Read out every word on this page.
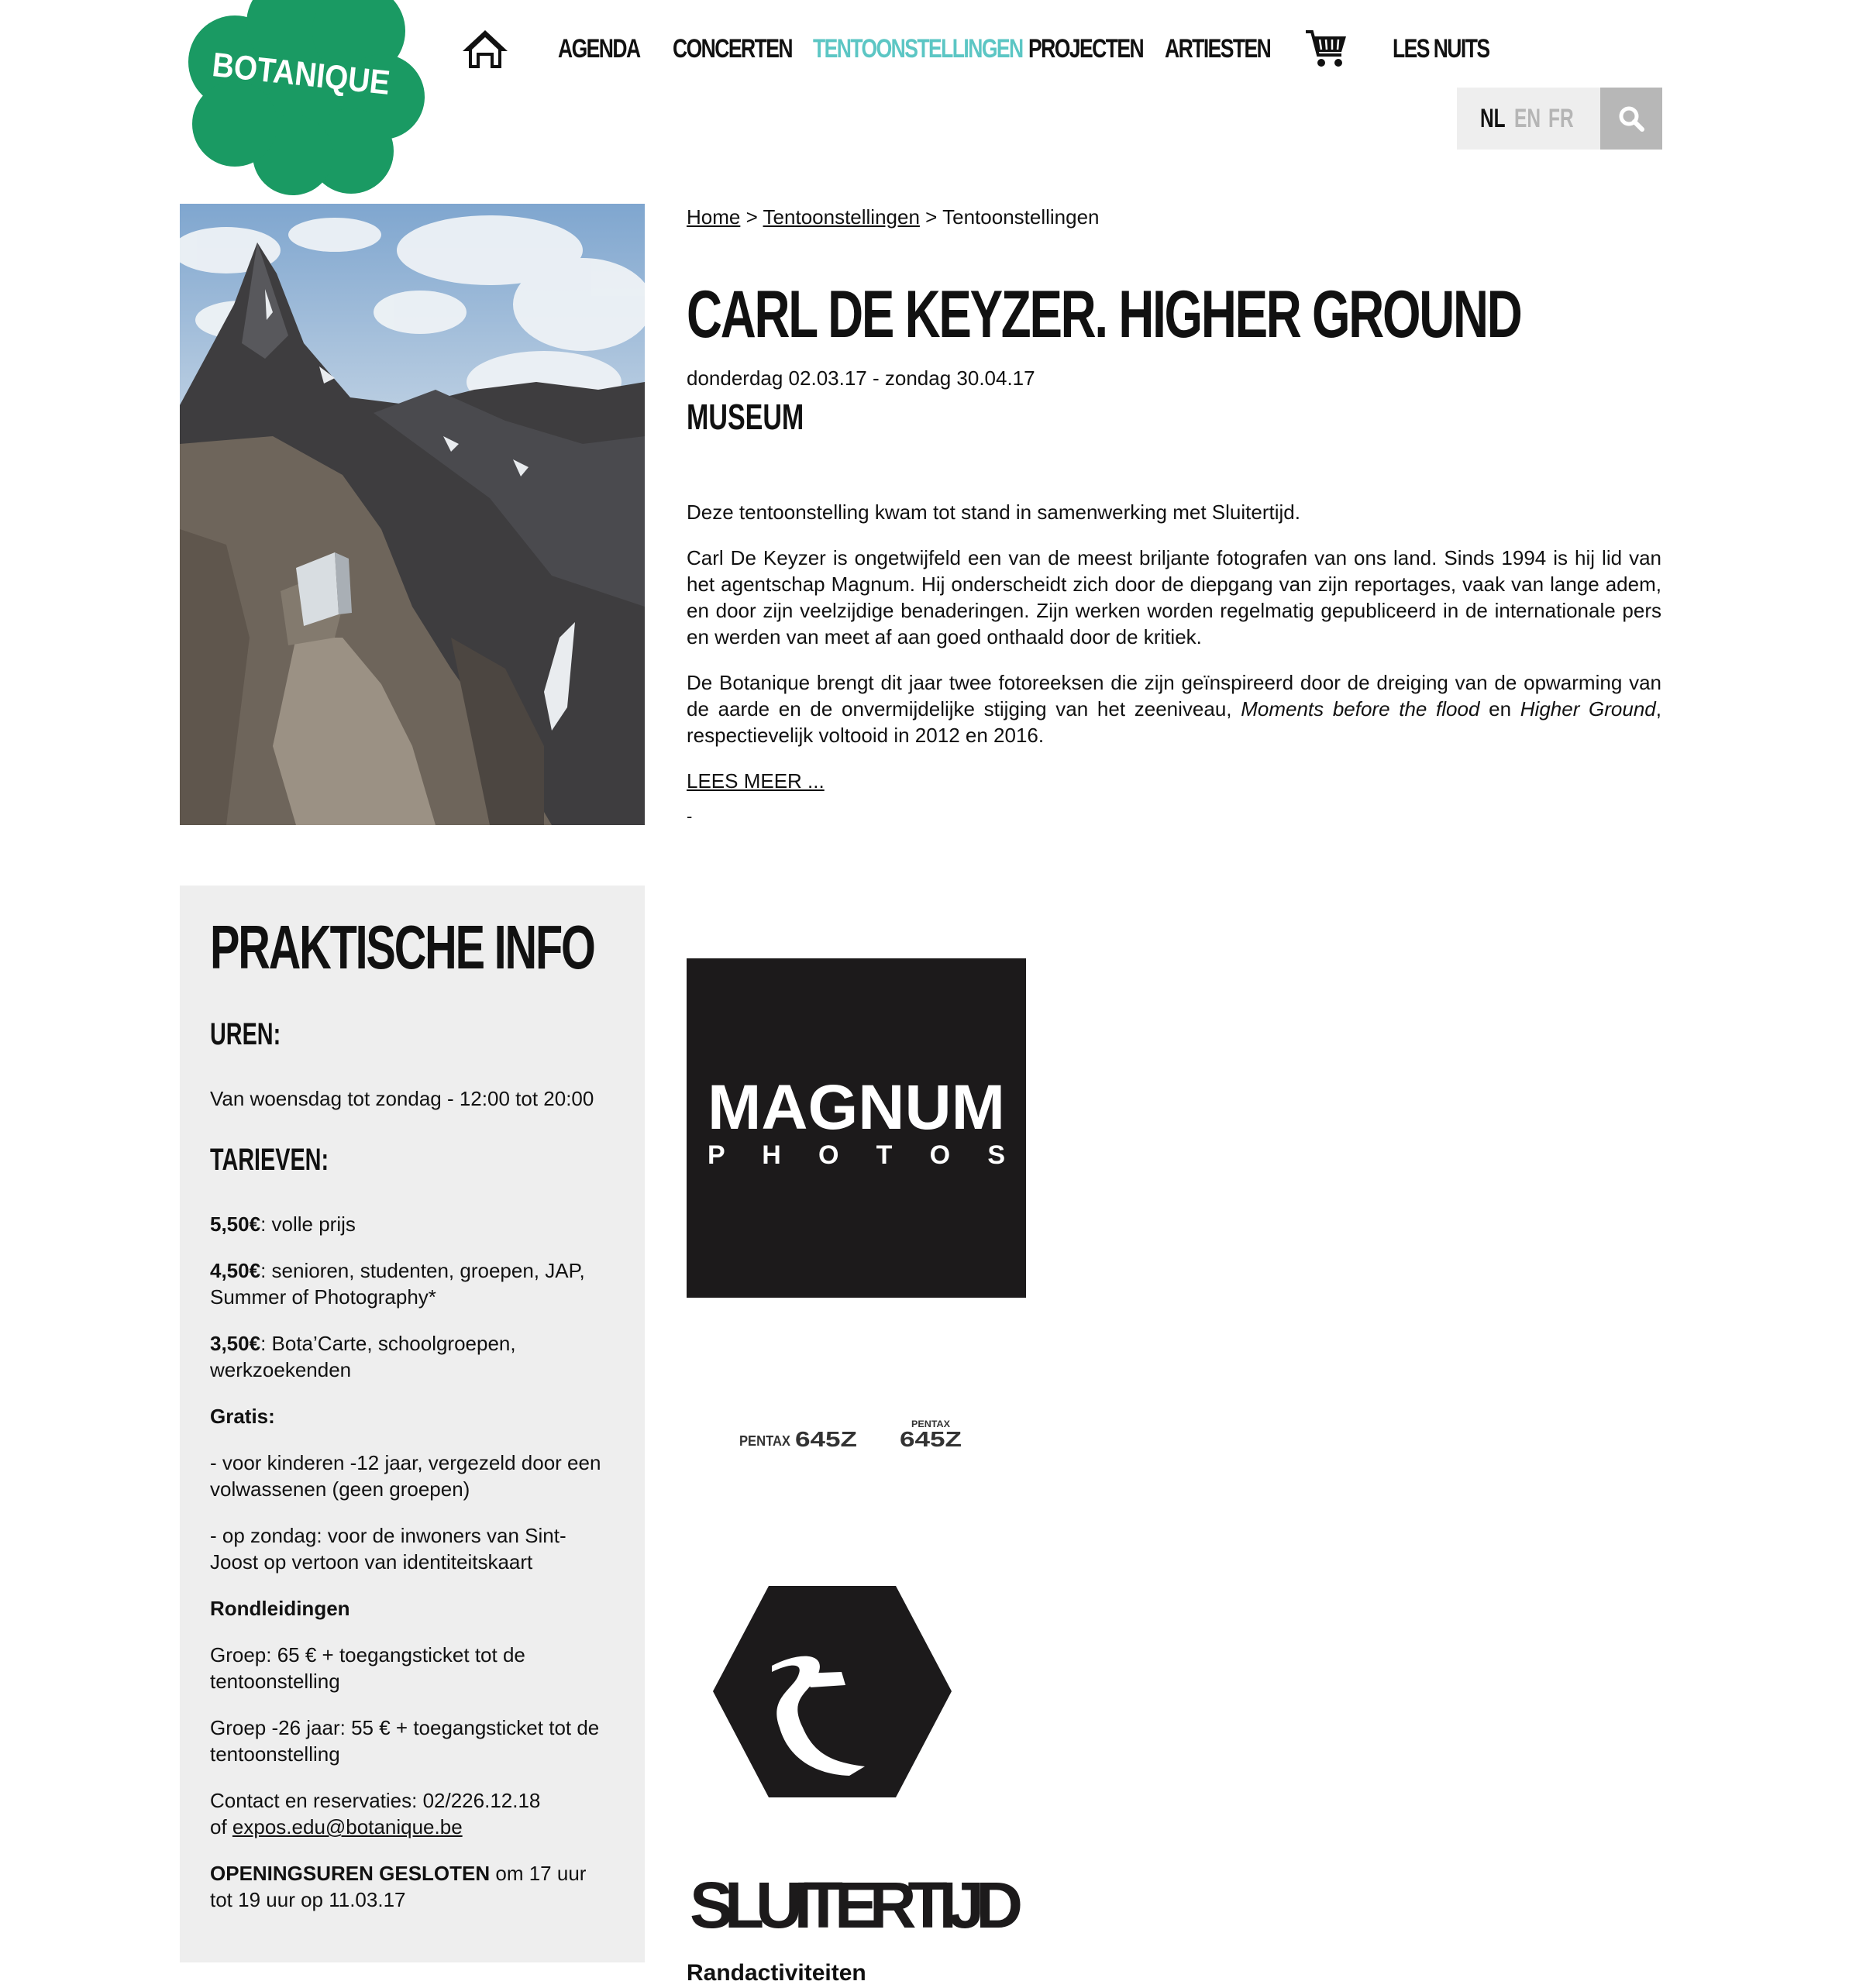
BOTANIQUE	AGENDA	CONCERTEN TENTOONSTELLINGEN PROJECTEN ARTIESTEN	LES NUITS
NL EN FR
Home > Tentoonstellingen > Tentoonstellingen
CARL DE KEYZER. HIGHER GROUND
donderdag 02.03.17 - zondag 30.04.17
MUSEUM

Deze tentoonstelling kwam tot stand in samenwerking met Sluitertijd.

Carl De Keyzer is ongetwijfeld een van de meest briljante fotografen van ons land. Sinds 1994 is hij lid van het agentschap Magnum. Hij onderscheidt zich door de diepgang van zijn reportages, vaak van lange adem, en door zijn veelzijdige benaderingen. Zijn werken worden regelmatig gepubliceerd in de internationale pers en werden van meet af aan goed onthaald door de kritiek.

De Botanique brengt dit jaar twee fotoreeksen die zijn geïnspireerd door de dreiging van de opwarming van de aarde en de onvermijdelijke stijging van het zeeniveau, Moments before the flood en Higher Ground, respectievelijk voltooid in 2012 en 2016.

LEES MEER ...
-
PRAKTISCHE INFO
UREN:
Van woensdag tot zondag - 12:00 tot 20:00
TARIEVEN:
5,50€: volle prijs
4,50€: senioren, studenten, groepen, JAP, Summer of Photography*
3,50€: Bota’Carte, schoolgroepen, werkzoekenden
Gratis:
- voor kinderen -12 jaar, vergezeld door een volwassenen (geen groepen)
- op zondag: voor de inwoners van Sint-Joost op vertoon van identiteitskaart
Rondleidingen
Groep: 65 € + toegangsticket tot de tentoonstelling
Groep -26 jaar: 55 € + toegangsticket tot de tentoonstelling
Contact en reservaties: 02/226.12.18
of expos.edu@botanique.be
OPENINGSUREN GESLOTEN om 17 uur tot 19 uur op 11.03.17
MAGNUM
P H O T O S
PENTAX 645Z
PENTAX
645Z
SLUITERTIJD
Randactiviteiten
